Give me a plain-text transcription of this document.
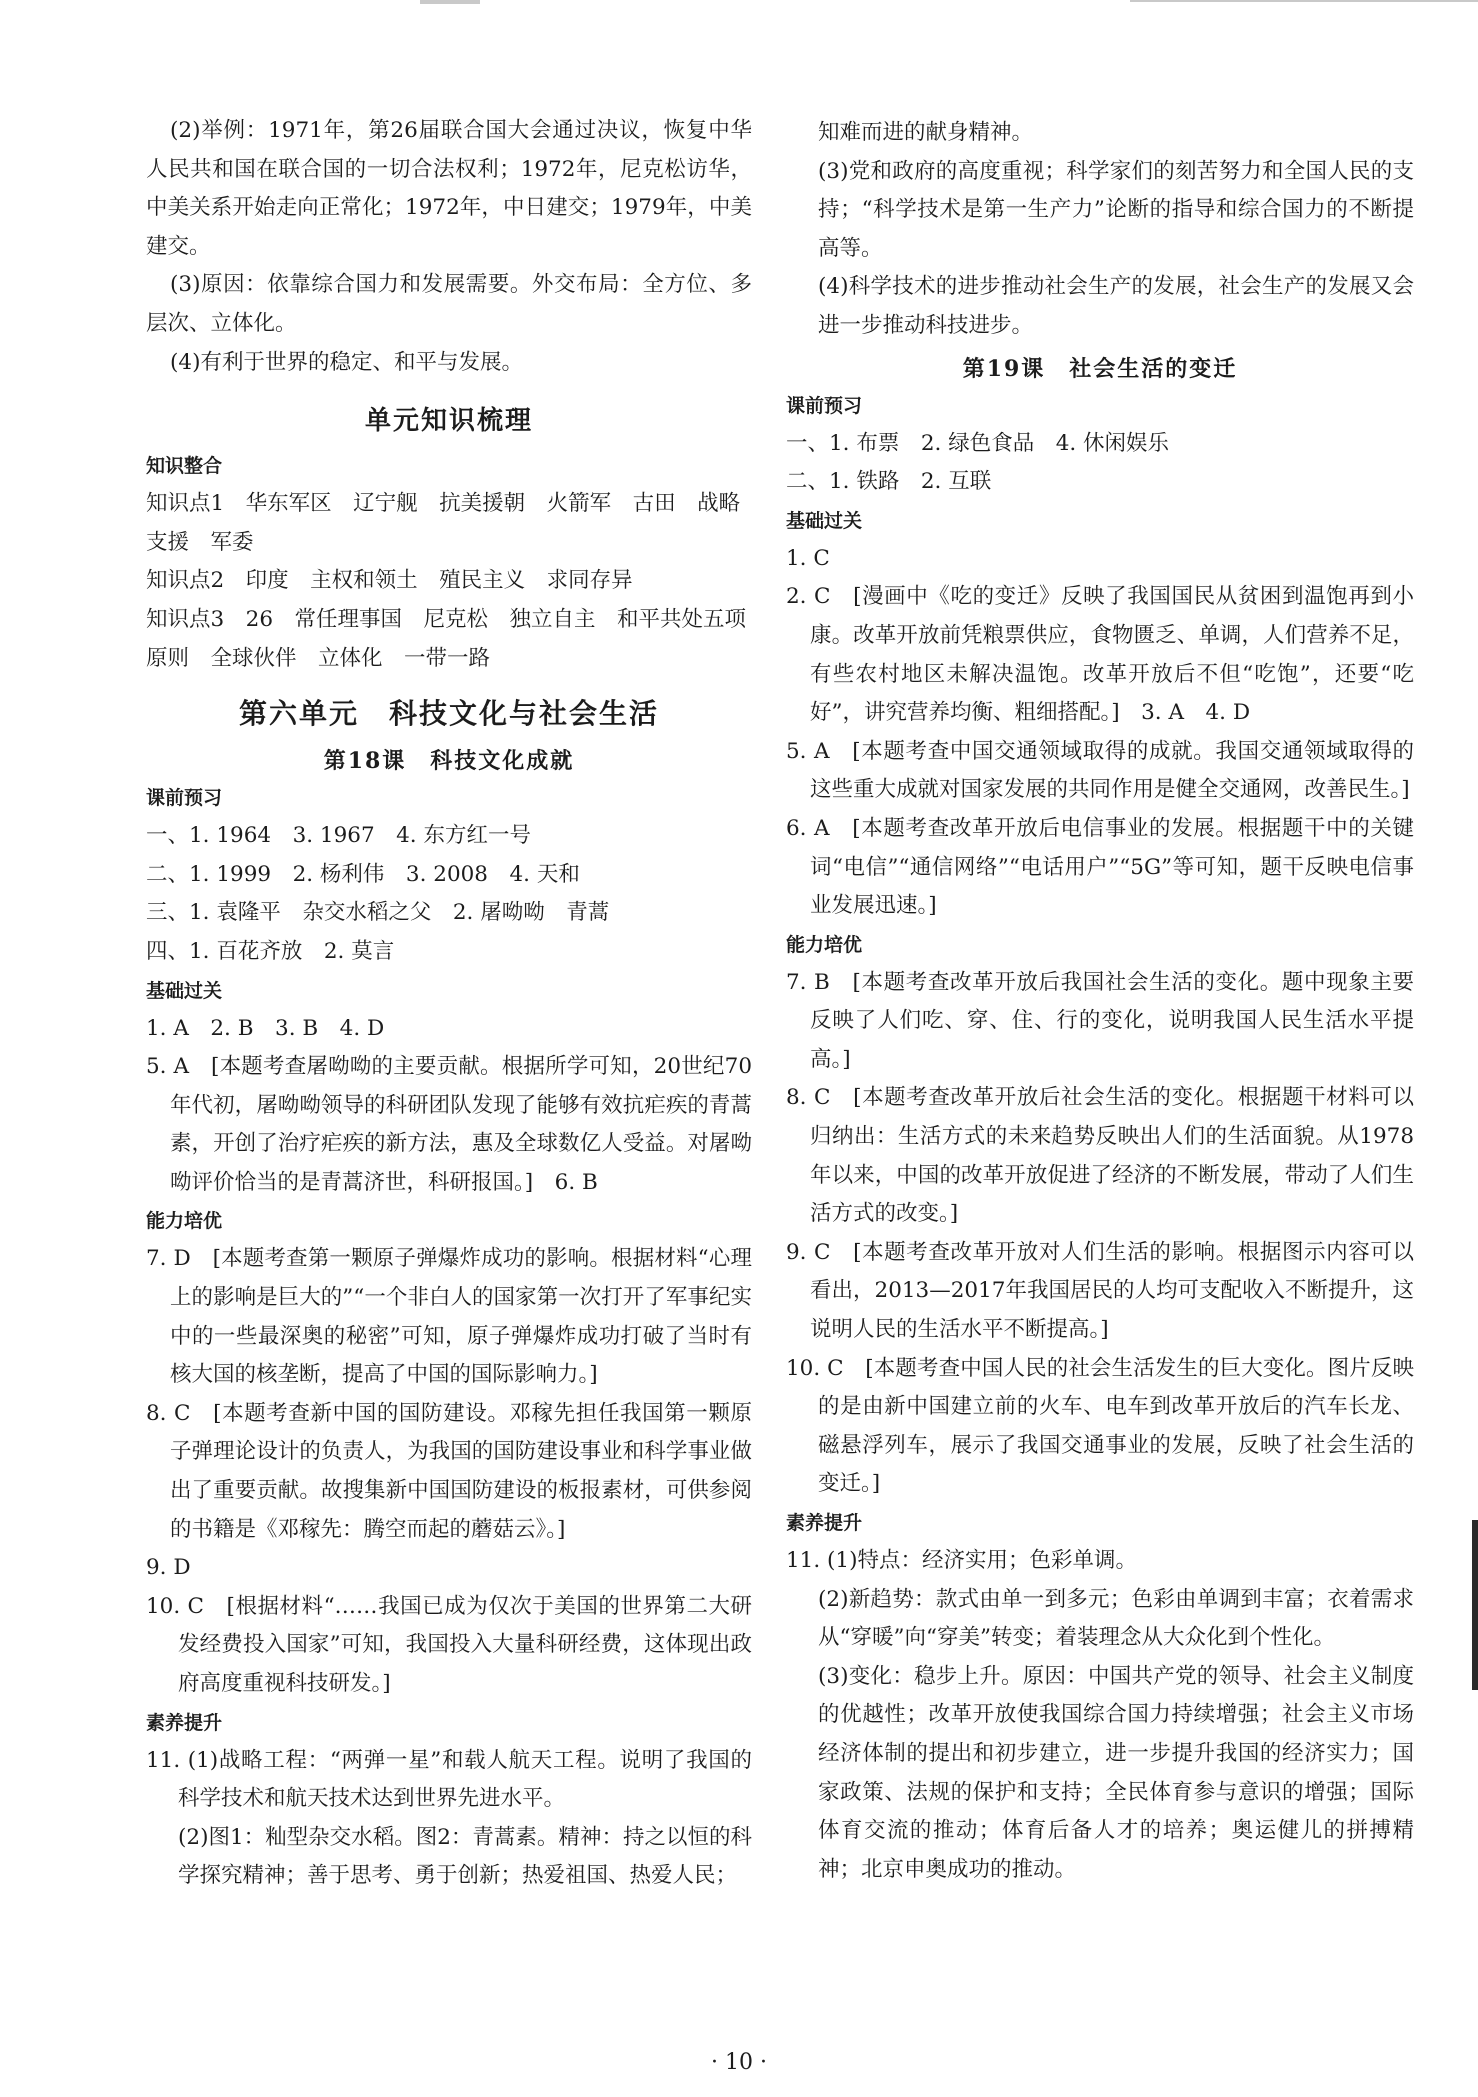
(2)举例：1971年，第26届联合国大会通过决议，恢复中华人民共和国在联合国的一切合法权利；1972年，尼克松访华，中美关系开始走向正常化；1972年，中日建交；1979年，中美建交。

(3)原因：依靠综合国力和发展需要。外交布局：全方位、多层次、立体化。

(4)有利于世界的稳定、和平与发展。

单元知识梳理

知识整合

知识点1　华东军区　辽宁舰　抗美援朝　火箭军　古田　战略支援　军委

知识点2　印度　主权和领土　殖民主义　求同存异

知识点3　26　常任理事国　尼克松　独立自主　和平共处五项原则　全球伙伴　立体化　一带一路

第六单元　科技文化与社会生活
第18课　科技文化成就

课前预习

一、1. 1964　3. 1967　4. 东方红一号

二、1. 1999　2. 杨利伟　3. 2008　4. 天和

三、1. 袁隆平　杂交水稻之父　2. 屠呦呦　青蒿

四、1. 百花齐放　2. 莫言

基础过关

1. A　2. B　3. B　4. D

5. A　[本题考查屠呦呦的主要贡献。根据所学可知，20世纪70年代初，屠呦呦领导的科研团队发现了能够有效抗疟疾的青蒿素，开创了治疗疟疾的新方法，惠及全球数亿人受益。对屠呦呦评价恰当的是青蒿济世，科研报国。]　6. B

能力培优

7. D　[本题考查第一颗原子弹爆炸成功的影响。根据材料“心理上的影响是巨大的”“一个非白人的国家第一次打开了军事纪实中的一些最深奥的秘密”可知，原子弹爆炸成功打破了当时有核大国的核垄断，提高了中国的国际影响力。]

8. C　[本题考查新中国的国防建设。邓稼先担任我国第一颗原子弹理论设计的负责人，为我国的国防建设事业和科学事业做出了重要贡献。故搜集新中国国防建设的板报素材，可供参阅的书籍是《邓稼先：腾空而起的蘑菇云》。]

9. D

10. C　[根据材料“……我国已成为仅次于美国的世界第二大研发经费投入国家”可知，我国投入大量科研经费，这体现出政府高度重视科技研发。]

素养提升

11. (1)战略工程：“两弹一星”和载人航天工程。说明了我国的科学技术和航天技术达到世界先进水平。

(2)图1：籼型杂交水稻。图2：青蒿素。精神：持之以恒的科学探究精神；善于思考、勇于创新；热爱祖国、热爱人民；

知难而进的献身精神。

(3)党和政府的高度重视；科学家们的刻苦努力和全国人民的支持；“科学技术是第一生产力”论断的指导和综合国力的不断提高等。

(4)科学技术的进步推动社会生产的发展，社会生产的发展又会进一步推动科技进步。

第19课　社会生活的变迁

课前预习

一、1. 布票　2. 绿色食品　4. 休闲娱乐

二、1. 铁路　2. 互联

基础过关

1. C

2. C　[漫画中《吃的变迁》反映了我国国民从贫困到温饱再到小康。改革开放前凭粮票供应，食物匮乏、单调，人们营养不足，有些农村地区未解决温饱。改革开放后不但“吃饱”，还要“吃好”，讲究营养均衡、粗细搭配。]　3. A　4. D

5. A　[本题考查中国交通领域取得的成就。我国交通领域取得的这些重大成就对国家发展的共同作用是健全交通网，改善民生。]

6. A　[本题考查改革开放后电信事业的发展。根据题干中的关键词“电信”“通信网络”“电话用户”“5G”等可知，题干反映电信事业发展迅速。]

能力培优

7. B　[本题考查改革开放后我国社会生活的变化。题中现象主要反映了人们吃、穿、住、行的变化，说明我国人民生活水平提高。]

8. C　[本题考查改革开放后社会生活的变化。根据题干材料可以归纳出：生活方式的未来趋势反映出人们的生活面貌。从1978年以来，中国的改革开放促进了经济的不断发展，带动了人们生活方式的改变。]

9. C　[本题考查改革开放对人们生活的影响。根据图示内容可以看出，2013—2017年我国居民的人均可支配收入不断提升，这说明人民的生活水平不断提高。]

10. C　[本题考查中国人民的社会生活发生的巨大变化。图片反映的是由新中国建立前的火车、电车到改革开放后的汽车长龙、磁悬浮列车，展示了我国交通事业的发展，反映了社会生活的变迁。]

素养提升

11. (1)特点：经济实用；色彩单调。

(2)新趋势：款式由单一到多元；色彩由单调到丰富；衣着需求从“穿暖”向“穿美”转变；着装理念从大众化到个性化。

(3)变化：稳步上升。原因：中国共产党的领导、社会主义制度的优越性；改革开放使我国综合国力持续增强；社会主义市场经济体制的提出和初步建立，进一步提升我国的经济实力；国家政策、法规的保护和支持；全民体育参与意识的增强；国际体育交流的推动；体育后备人才的培养；奥运健儿的拼搏精神；北京申奥成功的推动。

· 10 ·
